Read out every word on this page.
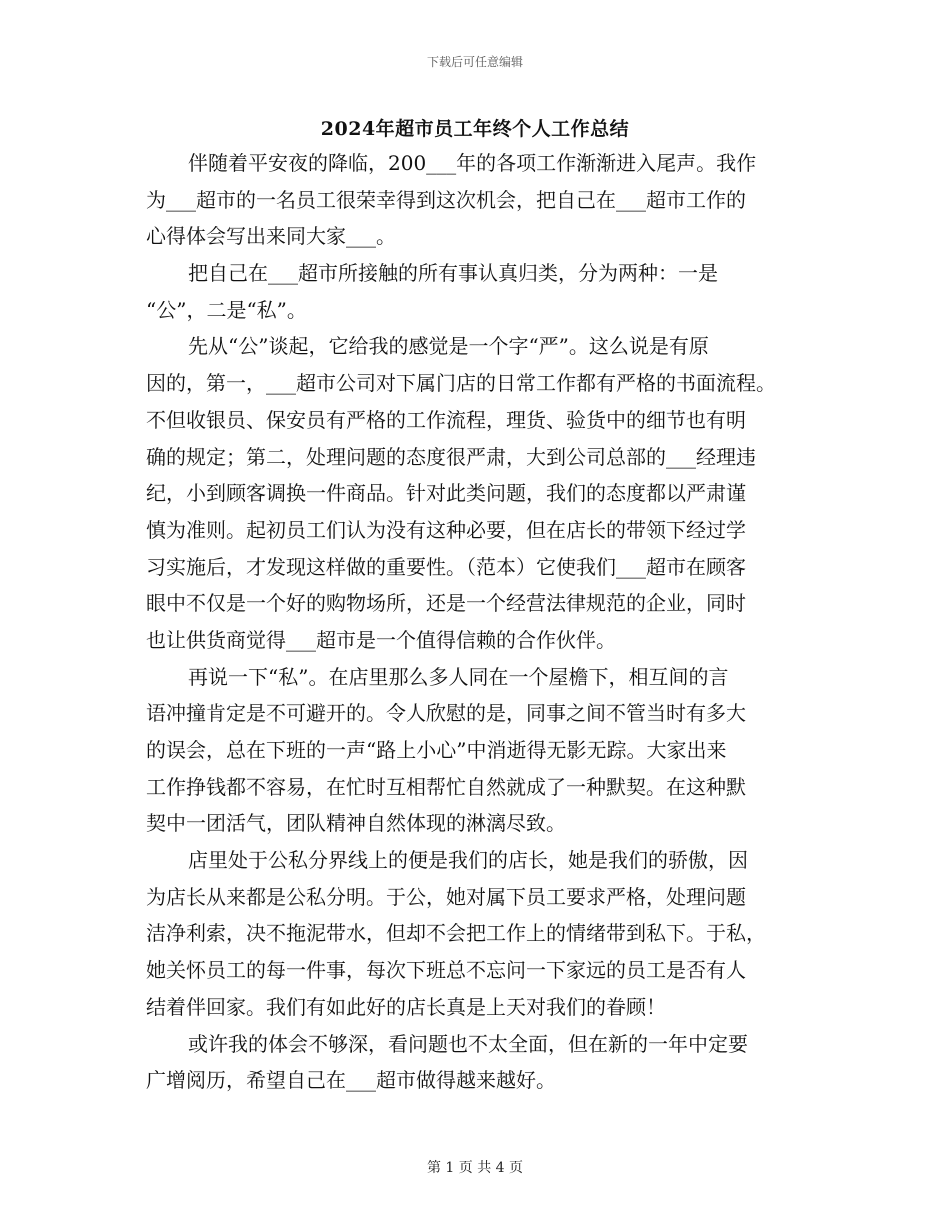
下载后可任意编辑
2024年超市员工年终个人工作总结
伴随着平安夜的降临，200___年的各项工作渐渐进入尾声。我作
为___超市的一名员工很荣幸得到这次机会，把自己在___超市工作的
心得体会写出来同大家___。
把自己在___超市所接触的所有事认真归类，分为两种：一是
“公”，二是“私”。
先从“公”谈起，它给我的感觉是一个字“严”。这么说是有原
因的，第一，___超市公司对下属门店的日常工作都有严格的书面流程。
不但收银员、保安员有严格的工作流程，理货、验货中的细节也有明
确的规定；第二，处理问题的态度很严肃，大到公司总部的___经理违
纪，小到顾客调换一件商品。针对此类问题，我们的态度都以严肃谨
慎为准则。起初员工们认为没有这种必要，但在店长的带领下经过学
习实施后，才发现这样做的重要性。（范本）它使我们___超市在顾客
眼中不仅是一个好的购物场所，还是一个经营法律规范的企业，同时
也让供货商觉得___超市是一个值得信赖的合作伙伴。
再说一下“私”。在店里那么多人同在一个屋檐下，相互间的言
语冲撞肯定是不可避开的。令人欣慰的是，同事之间不管当时有多大
的误会，总在下班的一声“路上小心”中消逝得无影无踪。大家出来
工作挣钱都不容易，在忙时互相帮忙自然就成了一种默契。在这种默
契中一团活气，团队精神自然体现的淋漓尽致。
店里处于公私分界线上的便是我们的店长，她是我们的骄傲，因
为店长从来都是公私分明。于公，她对属下员工要求严格，处理问题
洁净利索，决不拖泥带水，但却不会把工作上的情绪带到私下。于私，
她关怀员工的每一件事，每次下班总不忘问一下家远的员工是否有人
结着伴回家。我们有如此好的店长真是上天对我们的眷顾！
或许我的体会不够深，看问题也不太全面，但在新的一年中定要
广增阅历，希望自己在___超市做得越来越好。
第 1 页 共 4 页
